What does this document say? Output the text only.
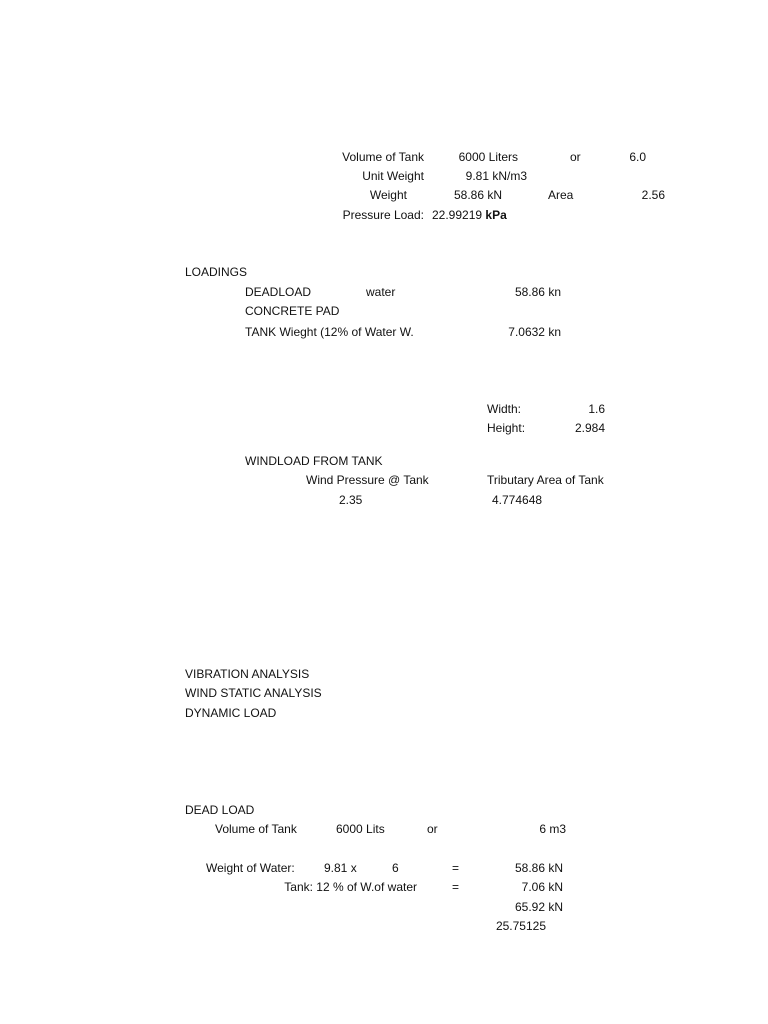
Volume of Tank	6000 Liters	or	6.0
Unit Weight	9.81 kN/m3
Weight	58.86 kN	Area	2.56
Pressure Load: 22.99219 kPa
LOADINGS
DEADLOAD	water	58.86 kn
CONCRETE PAD
TANK Wieght (12% of Water W.	7.0632 kn
Width:	1.6
Height:	2.984
WINDLOAD FROM TANK
Wind Pressure @ Tank	Tributary Area of Tank
2.35	4.774648
VIBRATION ANALYSIS
WIND STATIC ANALYSIS
DYNAMIC LOAD
DEAD LOAD
Volume of Tank	6000 Lits	or	6 m3
Weight of Water: 9.81 x	6	=	58.86 kN
Tank: 12 % of W.of water	=	7.06 kN
65.92 kN
25.75125
